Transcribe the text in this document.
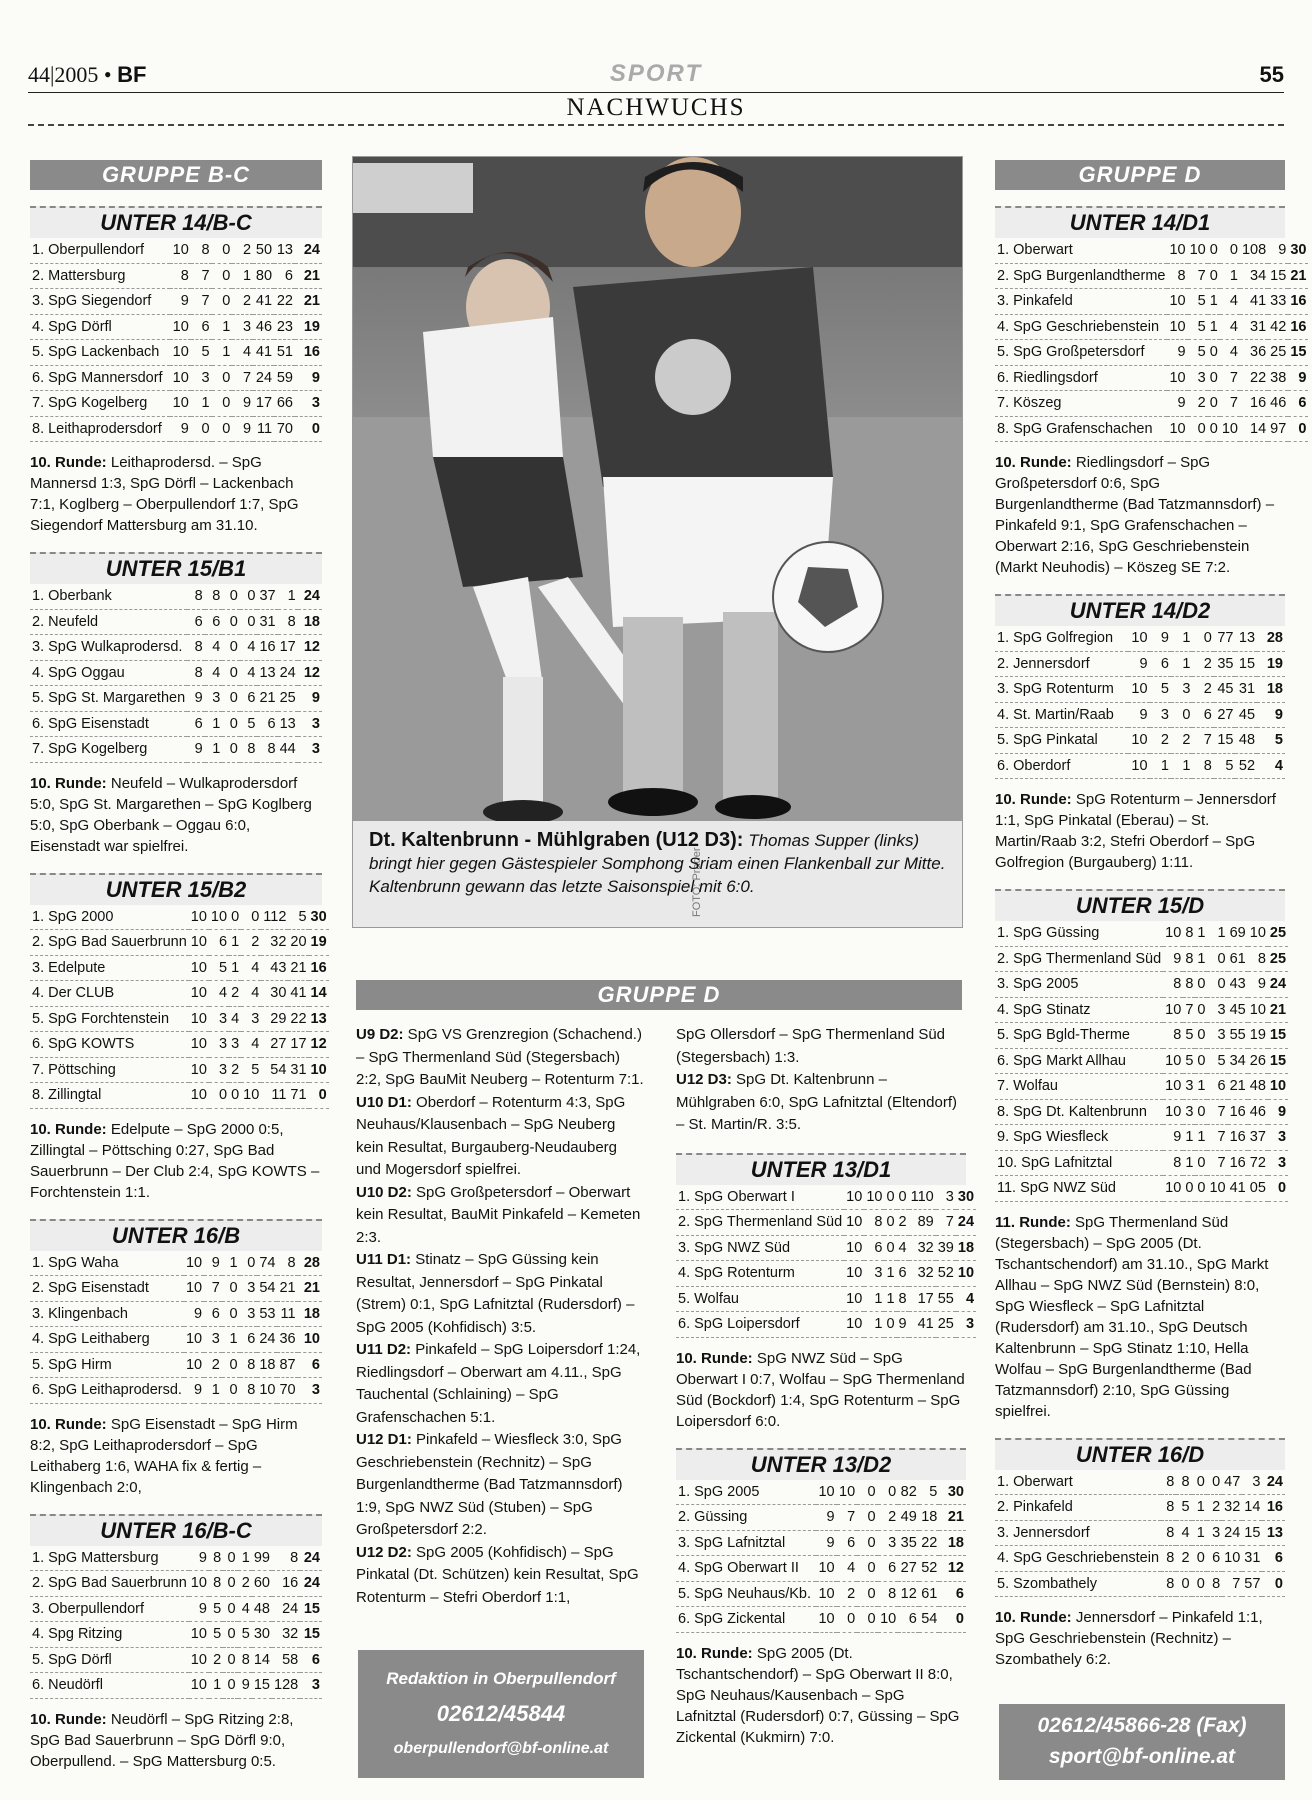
44|2005 • BF	SPORT	55
NACHWUCHS
GRUPPE B-C
UNTER 14/B-C
1. Oberpullendorf	10	8	0	2	50	13	24
2. Mattersburg	8	7	0	1	80	6	21
3. SpG Siegendorf	9	7	0	2	41	22	21
4. SpG Dörfl	10	6	1	3	46	23	19
5. SpG Lackenbach	10	5	1	4	41	51	16
6. SpG Mannersdorf	10	3	0	7	24	59	9
7. SpG Kogelberg	10	1	0	9	17	66	3
8. Leithaprodersdorf	9	0	0	9	11	70	0
10. Runde: Leithaprodersd. – SpG Mannersd 1:3, SpG Dörfl – Lackenbach 7:1, Koglberg – Oberpullendorf 1:7, SpG Siegendorf Mattersburg am 31.10.
UNTER 15/B1
1. Oberbank	8	8	0	0	37	1	24
2. Neufeld	6	6	0	0	31	8	18
3. SpG Wulkaprodersd.	8	4	0	4	16	17	12
4. SpG Oggau	8	4	0	4	13	24	12
5. SpG St. Margarethen	9	3	0	6	21	25	9
6. SpG Eisenstadt	6	1	0	5	6	13	3
7. SpG Kogelberg	9	1	0	8	8	44	3
10. Runde: Neufeld – Wulkaprodersdorf 5:0, SpG St. Margarethen – SpG Koglberg 5:0, SpG Oberbank – Oggau 6:0, Eisenstadt war spielfrei.
UNTER 15/B2
1. SpG 2000	10	10	0	0	112	5	30
2. SpG Bad Sauerbrunn	10	6	1	2	32	20	19
3. Edelpute	10	5	1	4	43	21	16
4. Der CLUB	10	4	2	4	30	41	14
5. SpG Forchtenstein	10	3	4	3	29	22	13
6. SpG KOWTS	10	3	3	4	27	17	12
7. Pöttsching	10	3	2	5	54	31	10
8. Zillingtal	10	0	0	10	11	71	0
10. Runde: Edelpute – SpG 2000 0:5, Zillingtal – Pöttsching 0:27, SpG Bad Sauerbrunn – Der Club 2:4, SpG KOWTS – Forchtenstein 1:1.
UNTER 16/B
1. SpG Waha	10	9	1	0	74	8	28
2. SpG Eisenstadt	10	7	0	3	54	21	21
3. Klingenbach	9	6	0	3	53	11	18
4. SpG Leithaberg	10	3	1	6	24	36	10
5. SpG Hirm	10	2	0	8	18	87	6
6. SpG Leithaprodersd.	9	1	0	8	10	70	3
10. Runde: SpG Eisenstadt – SpG Hirm 8:2, SpG Leithaprodersdorf – SpG Leithaberg 1:6, WAHA fix & fertig – Klingenbach 2:0,
UNTER 16/B-C
1. SpG Mattersburg	9	8	0	1	99	8	24
2. SpG Bad Sauerbrunn	10	8	0	2	60	16	24
3. Oberpullendorf	9	5	0	4	48	24	15
4. Spg Ritzing	10	5	0	5	30	32	15
5. SpG Dörfl	10	2	0	8	14	58	6
6. Neudörfl	10	1	0	9	15	128	3
10. Runde: Neudörfl – SpG Ritzing 2:8, SpG Bad Sauerbrunn – SpG Dörfl 9:0, Oberpullend. – SpG Mattersburg 0:5.
FOTO: Prader
Dt. Kaltenbrunn - Mühlgraben (U12 D3): Thomas Supper (links) bringt hier gegen Gästespieler Somphong Sriam einen Flankenball zur Mitte. Kaltenbrunn gewann das letzte Saisonspiel mit 6:0.
GRUPPE D

U9 D2: SpG VS Grenzregion (Schachend.) – SpG Thermenland Süd (Stegersbach) 2:2, SpG BauMit Neuberg – Rotenturm 7:1.

U10 D1: Oberdorf – Rotenturm 4:3, SpG Neuhaus/Klausenbach – SpG Neuberg kein Resultat, Burgauberg-Neudauberg und Mogersdorf spielfrei.

U10 D2: SpG Großpetersdorf – Oberwart kein Resultat, BauMit Pinkafeld – Kemeten 2:3.

U11 D1: Stinatz – SpG Güssing kein Resultat, Jennersdorf – SpG Pinkatal (Strem) 0:1, SpG Lafnitztal (Rudersdorf) – SpG 2005 (Kohfidisch) 3:5.

U11 D2: Pinkafeld – SpG Loipersdorf 1:24, Riedlingsdorf – Oberwart am 4.11., SpG Tauchental (Schlaining) – SpG Grafenschachen 5:1.

U12 D1: Pinkafeld – Wiesfleck 3:0, SpG Geschriebenstein (Rechnitz) – SpG Burgenlandtherme (Bad Tatzmannsdorf) 1:9, SpG NWZ Süd (Stuben) – SpG Großpetersdorf 2:2.

U12 D2: SpG 2005 (Kohfidisch) – SpG Pinkatal (Dt. Schützen) kein Resultat, SpG Rotenturm – Stefri Oberdorf 1:1,

SpG Ollersdorf – SpG Thermenland Süd (Stegersbach) 1:3.

U12 D3: SpG Dt. Kaltenbrunn – Mühlgraben 6:0, SpG Lafnitztal (Eltendorf) – St. Martin/R. 3:5.

UNTER 13/D1
1. SpG Oberwart I	10	10	0	0	110	3	30
2. SpG Thermenland Süd	10	8	0	2	89	7	24
3. SpG NWZ Süd	10	6	0	4	32	39	18
4. SpG Rotenturm	10	3	1	6	32	52	10
5. Wolfau	10	1	1	8	17	55	4
6. SpG Loipersdorf	10	1	0	9	41	25	3
10. Runde: SpG NWZ Süd – SpG Oberwart I 0:7, Wolfau – SpG Thermenland Süd (Bockdorf) 1:4, SpG Rotenturm – SpG Loipersdorf 6:0.
UNTER 13/D2
1. SpG 2005	10	10	0	0	82	5	30
2. Güssing	9	7	0	2	49	18	21
3. SpG Lafnitztal	9	6	0	3	35	22	18
4. SpG Oberwart II	10	4	0	6	27	52	12
5. SpG Neuhaus/Kb.	10	2	0	8	12	61	6
6. SpG Zickental	10	0	0	10	6	54	0
10. Runde: SpG 2005 (Dt. Tschantschendorf) – SpG Oberwart II 8:0, SpG Neuhaus/Kausenbach – SpG Lafnitztal (Rudersdorf) 0:7, Güssing – SpG Zickental (Kukmirn) 7:0.
Redaktion in Oberpullendorf
02612/45844
oberpullendorf@bf-online.at
GRUPPE D
UNTER 14/D1
1. Oberwart	10	10	0	0	108	9	30
2. SpG Burgenlandtherme	8	7	0	1	34	15	21
3. Pinkafeld	10	5	1	4	41	33	16
4. SpG Geschriebenstein	10	5	1	4	31	42	16
5. SpG Großpetersdorf	9	5	0	4	36	25	15
6. Riedlingsdorf	10	3	0	7	22	38	9
7. Köszeg	9	2	0	7	16	46	6
8. SpG Grafenschachen	10	0	0	10	14	97	0
10. Runde: Riedlingsdorf – SpG Großpetersdorf 0:6, SpG Burgenlandtherme (Bad Tatzmannsdorf) – Pinkafeld 9:1, SpG Grafenschachen – Oberwart 2:16, SpG Geschriebenstein (Markt Neuhodis) – Köszeg SE 7:2.
UNTER 14/D2
1. SpG Golfregion	10	9	1	0	77	13	28
2. Jennersdorf	9	6	1	2	35	15	19
3. SpG Rotenturm	10	5	3	2	45	31	18
4. St. Martin/Raab	9	3	0	6	27	45	9
5. SpG Pinkatal	10	2	2	7	15	48	5
6. Oberdorf	10	1	1	8	5	52	4
10. Runde: SpG Rotenturm – Jennersdorf 1:1, SpG Pinkatal (Eberau) – St. Martin/Raab 3:2, Stefri Oberdorf – SpG Golfregion (Burgauberg) 1:11.
UNTER 15/D
1. SpG Güssing	10	8	1	1	69	10	25
2. SpG Thermenland Süd	9	8	1	0	61	8	25
3. SpG 2005	8	8	0	0	43	9	24
4. SpG Stinatz	10	7	0	3	45	10	21
5. SpG Bgld-Therme	8	5	0	3	55	19	15
6. SpG Markt Allhau	10	5	0	5	34	26	15
7. Wolfau	10	3	1	6	21	48	10
8. SpG Dt. Kaltenbrunn	10	3	0	7	16	46	9
9. SpG Wiesfleck	9	1	1	7	16	37	3
10. SpG Lafnitztal	8	1	0	7	16	72	3
11. SpG NWZ Süd	10	0	0	10	41	05	0
11. Runde: SpG Thermenland Süd (Stegersbach) – SpG 2005 (Dt. Tschantschendorf) am 31.10., SpG Markt Allhau – SpG NWZ Süd (Bernstein) 8:0, SpG Wiesfleck – SpG Lafnitztal (Rudersdorf) am 31.10., SpG Deutsch Kaltenbrunn – SpG Stinatz 1:10, Hella Wolfau – SpG Burgenlandtherme (Bad Tatzmannsdorf) 2:10, SpG Güssing spielfrei.
UNTER 16/D
1. Oberwart	8	8	0	0	47	3	24
2. Pinkafeld	8	5	1	2	32	14	16
3. Jennersdorf	8	4	1	3	24	15	13
4. SpG Geschriebenstein	8	2	0	6	10	31	6
5. Szombathely	8	0	0	8	7	57	0
10. Runde: Jennersdorf – Pinkafeld 1:1, SpG Geschriebenstein (Rechnitz) – Szombathely 6:2.
02612/45866-28 (Fax)
sport@bf-online.at
